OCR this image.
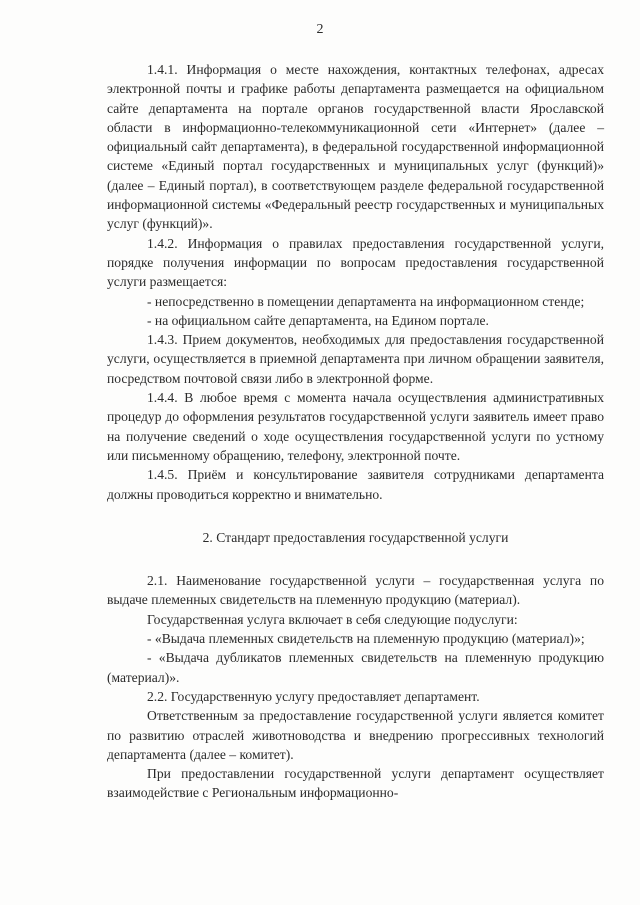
2

1.4.1. Информация о месте нахождения, контактных телефонах, адресах электронной почты и графике работы департамента размещается на официальном сайте департамента на портале органов государственной власти Ярославской области в информационно-телекоммуникационной сети «Интернет» (далее – официальный сайт департамента), в федеральной государственной информационной системе «Единый портал государственных и муниципальных услуг (функций)» (далее – Единый портал), в соответствующем разделе федеральной государственной информационной системы «Федеральный реестр государственных и муниципальных услуг (функций)».

1.4.2. Информация о правилах предоставления государственной услуги, порядке получения информации по вопросам предоставления государственной услуги размещается:

- непосредственно в помещении департамента на информационном стенде;

- на официальном сайте департамента, на Едином портале.

1.4.3. Прием документов, необходимых для предоставления государственной услуги, осуществляется в приемной департамента при личном обращении заявителя, посредством почтовой связи либо в электронной форме.

1.4.4. В любое время с момента начала осуществления административных процедур до оформления результатов государственной услуги заявитель имеет право на получение сведений о ходе осуществления государственной услуги по устному или письменному обращению, телефону, электронной почте.

1.4.5. Приём и консультирование заявителя сотрудниками департамента должны проводиться корректно и внимательно.

2. Стандарт предоставления государственной услуги

2.1. Наименование государственной услуги – государственная услуга по выдаче племенных свидетельств на племенную продукцию (материал).

Государственная услуга включает в себя следующие подуслуги:

- «Выдача племенных свидетельств на племенную продукцию (материал)»;

- «Выдача дубликатов племенных свидетельств на племенную продукцию (материал)».

2.2. Государственную услугу предоставляет департамент.

Ответственным за предоставление государственной услуги является комитет по развитию отраслей животноводства и внедрению прогрессивных технологий департамента (далее – комитет).

При предоставлении государственной услуги департамент осуществляет взаимодействие с Региональным информационно-
